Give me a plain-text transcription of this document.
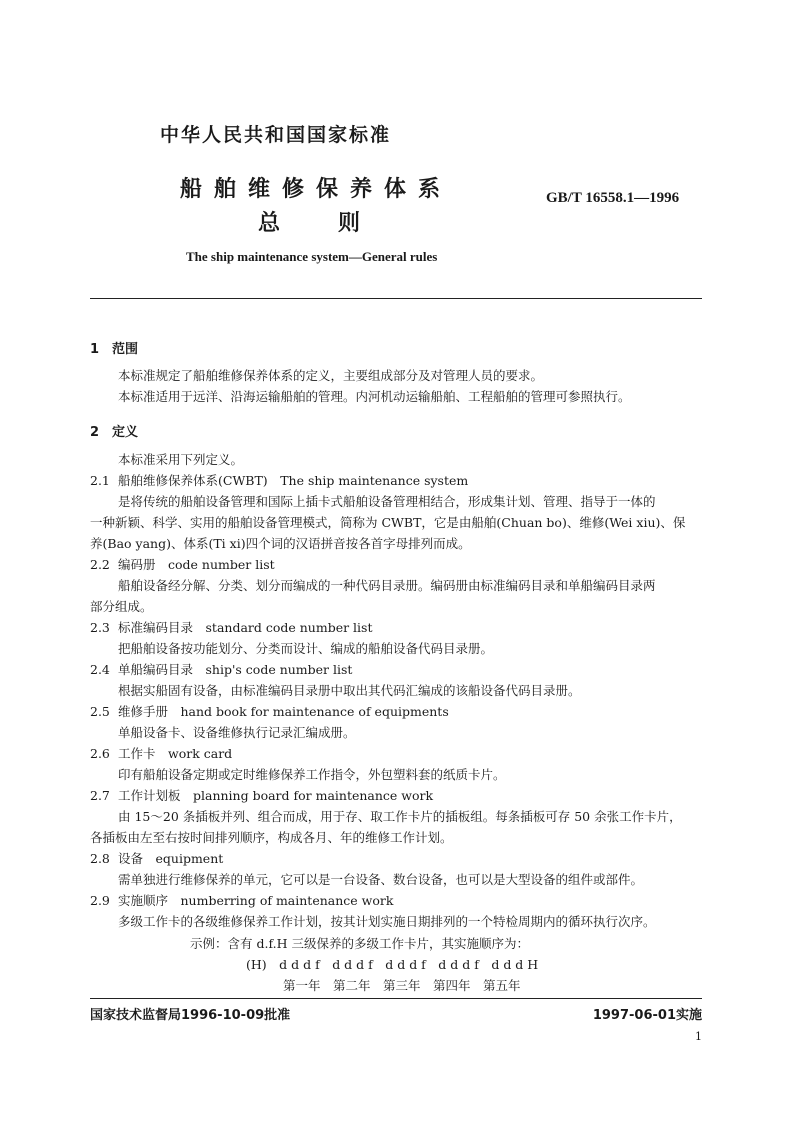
中华人民共和国国家标准
船舶维修保养体系
总则
GB/T 16558.1—1996
The ship maintenance system—General rules
1　范围
本标准规定了船舶维修保养体系的定义，主要组成部分及对管理人员的要求。
本标准适用于远洋、沿海运输船舶的管理。内河机动运输船舶、工程船舶的管理可参照执行。
2　定义
本标准采用下列定义。
2.1 船舶维修保养体系(CWBT)　The ship maintenance system
是将传统的船舶设备管理和国际上插卡式船舶设备管理相结合，形成集计划、管理、指导于一体的
一种新颖、科学、实用的船舶设备管理模式，简称为 CWBT，它是由船舶(Chuan bo)、维修(Wei xiu)、保
养(Bao yang)、体系(Ti xi)四个词的汉语拼音按各首字母排列而成。
2.2 编码册　code number list
船舶设备经分解、分类、划分而编成的一种代码目录册。编码册由标准编码目录和单船编码目录两
部分组成。
2.3 标准编码目录　standard code number list
把船舶设备按功能划分、分类而设计、编成的船舶设备代码目录册。
2.4 单船编码目录　ship's code number list
根据实船固有设备，由标准编码目录册中取出其代码汇编成的该船设备代码目录册。
2.5 维修手册　hand book for maintenance of equipments
单船设备卡、设备维修执行记录汇编成册。
2.6 工作卡　work card
印有船舶设备定期或定时维修保养工作指令，外包塑料套的纸质卡片。
2.7 工作计划板　planning board for maintenance work
由 15～20 条插板并列、组合而成，用于存、取工作卡片的插板组。每条插板可存 50 余张工作卡片，
各插板由左至右按时间排列顺序，构成各月、年的维修工作计划。
2.8 设备　equipment
需单独进行维修保养的单元，它可以是一台设备、数台设备，也可以是大型设备的组件或部件。
2.9 实施顺序　numberring of maintenance work
多级工作卡的各级维修保养工作计划，按其计划实施日期排列的一个特检周期内的循环执行次序。
示例：含有 d.f.H 三级保养的多级工作卡片，其实施顺序为：
(H)　d d d f　d d d f　d d d f　d d d f　d d d H
第一年　第二年　第三年　第四年　第五年
国家技术监督局1996-10-09批准	1997-06-01实施
1
